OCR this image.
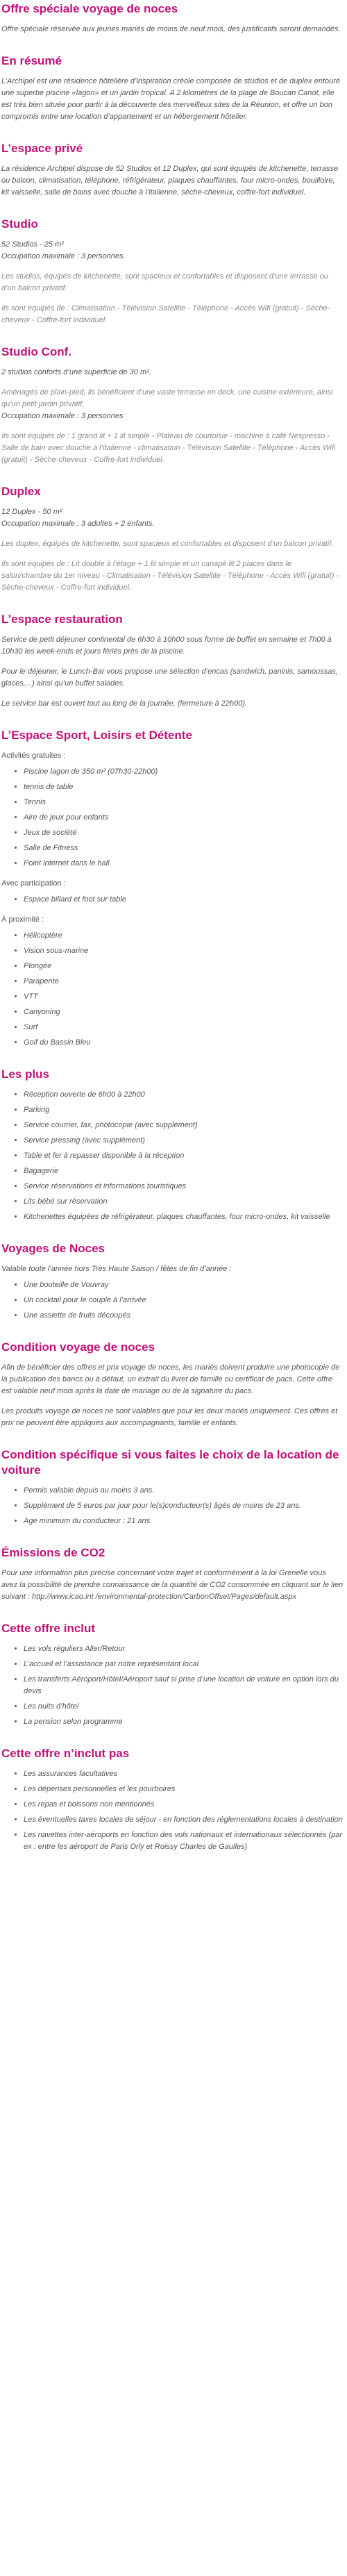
Offre spéciale voyage de noces

Offre spéciale réservée aux jeunes mariés de moins de neuf mois, des justificatifs seront demandés.

En résumé

L’Archipel est une résidence hôtelière d’inspiration créole composée de studios et de duplex entouré une superbe piscine «lagon» et un jardin tropical. A 2 kilomètres de la plage de Boucan Canot, elle est très bien située pour partir à la découverte des merveilleux sites de la Réunion, et offre un bon compromis entre une location d’appartement et un hébergement hôtelier.

L’espace privé

La résidence Archipel dispose de 52 Studios et 12 Duplex, qui sont équipés de kitchenette, terrasse ou balcon, climatisation, téléphone, réfrigérateur, plaques chauffantes, four micro-ondes, bouilloire, kit vaisselle, salle de bains avec douche à l’italienne, sèche-cheveux, coffre-fort individuel.

Studio

52 Studios - 25 m²

Occupation maximale : 3 personnes.

Les studios, équipés de kitchenette, sont spacieux et confortables et disposent d’une terrasse ou d’un balcon privatif.

Ils sont équipés de : Climatisation - Télévision Satellite - Téléphone - Accès Wifi (gratuit) - Sèche-cheveux - Coffre-fort individuel.

Studio Conf.

2 studios conforts d’une superficie de 30 m².

Aménagés de plain-pied, ils bénéficient d’une vaste terrasse en deck, une cuisine extérieure, ainsi qu’un petit jardin privatif.

Occupation maximale : 3 personnes

Ils sont équipés de : 1 grand lit + 1 lit simple - Plateau de courtoisie - machine à café Nespresso - Salle de bain avec douche à l’italienne - climatisation - Télévision Satellite - Téléphone - Accès Wifi (gratuit) - Sèche-cheveux - Coffre-fort individuel.

Duplex

12 Duplex - 50 m²

Occupation maximale : 3 adultes + 2 enfants.

Les duplex, équipés de kitchenette, sont spacieux et confortables et disposent d’un balcon privatif.

Ils sont équipés de : Lit double à l’étage + 1 lit simple et un canapé lit 2 places dans le salon/chambre du 1er niveau - Climatisation - Télévision Satellite - Téléphone - Accès Wifi (gratuit) - Sèche-cheveux - Coffre-fort individuel.

L’espace restauration

Service de petit déjeuner continental de 6h30 à 10h00 sous forme de buffet en semaine et 7h00 à 10h30 les week-ends et jours fériés près de la piscine.

Pour le déjeuner, le Lunch-Bar vous propose une sélection d’encas (sandwich, paninis, samoussas, glaces,...) ainsi qu’un buffet salades.

Le service bar est ouvert tout au long de la journée, (fermeture à 22h00).

L’Espace Sport, Loisirs et Détente
Activités gratuites :
• Piscine lagon de 350 m² (07h30-22h00)
• tennis de table
• Tennis
• Aire de jeux pour enfants
• Jeux de société
• Salle de Fitness
• Point internet dans le hall
Avec participation :
• Espace billard et foot sur table
À proximité :
• Hélicoptère
• Vision sous-marine
• Plongée
• Parapente
• VTT
• Canyoning
• Surf
• Golf du Bassin Bleu
Les plus
• Réception ouverte de 6h00 à 22h00
• Parking
• Service courrier, fax, photocopie (avec supplément)
• Service pressing (avec supplément)
• Table et fer à repasser disponible à la réception
• Bagagerie
• Service réservations et informations touristiques
• Lits bébé sur réservation
• Kitchenettes équipées de réfrigérateur, plaques chauffantes, four micro-ondes, kit vaisselle
Voyages de Noces
Valable toute l’année hors Très Haute Saison / fêtes de fin d’année :
• Une bouteille de Vouvray
• Un cocktail pour le couple à l’arrivée
• Une assiette de fruits découpés
Condition voyage de noces

Afin de bénéficier des offres et prix voyage de noces, les mariés doivent produire une photocopie de la publication des bancs ou à défaut, un extrait du livret de famille ou certificat de pacs. Cette offre est valable neuf mois après la date de mariage ou de la signature du pacs.

Les produits voyage de noces ne sont valables que pour les deux mariés uniquement. Ces offres et prix ne peuvent être appliqués aux accompagnants, famille et enfants.

Condition spécifique si vous faites le choix de la location de voiture
• Permis valable depuis au moins 3 ans.
• Supplément de 5 euros par jour pour le(s)conducteur(s) âgés de moins de 23 ans.
• Age minimum du conducteur : 21 ans
Émissions de CO2

Pour une information plus précise concernant votre trajet et conformément à la loi Grenelle vous avez la possibilité de prendre connaissance de la quantité de CO2 consommée en cliquant sur le lien suivant : http://www.icao.int /environmental-protection/CarbonOffset/Pages/default.aspx

Cette offre inclut
• Les vols réguliers Aller/Retour
• L’accueil et l’assistance par notre représentant local
• Les transferts Aéroport/Hôtel/Aéroport sauf si prise d’une location de voiture en option lors du devis
• Les nuits d’hôtel
• La pension selon programme
Cette offre n’inclut pas
• Les assurances facultatives
• Les dépenses personnelles et les pourboires
• Les repas et boissons non mentionnés
• Les éventuelles taxes locales de séjour - en fonction des réglementations locales à destination
• Les navettes inter-aéroports en fonction des vols nationaux et internationaux sélectionnés (par ex : entre les aéroport de Paris Orly et Roissy Charles de Gaulles)
